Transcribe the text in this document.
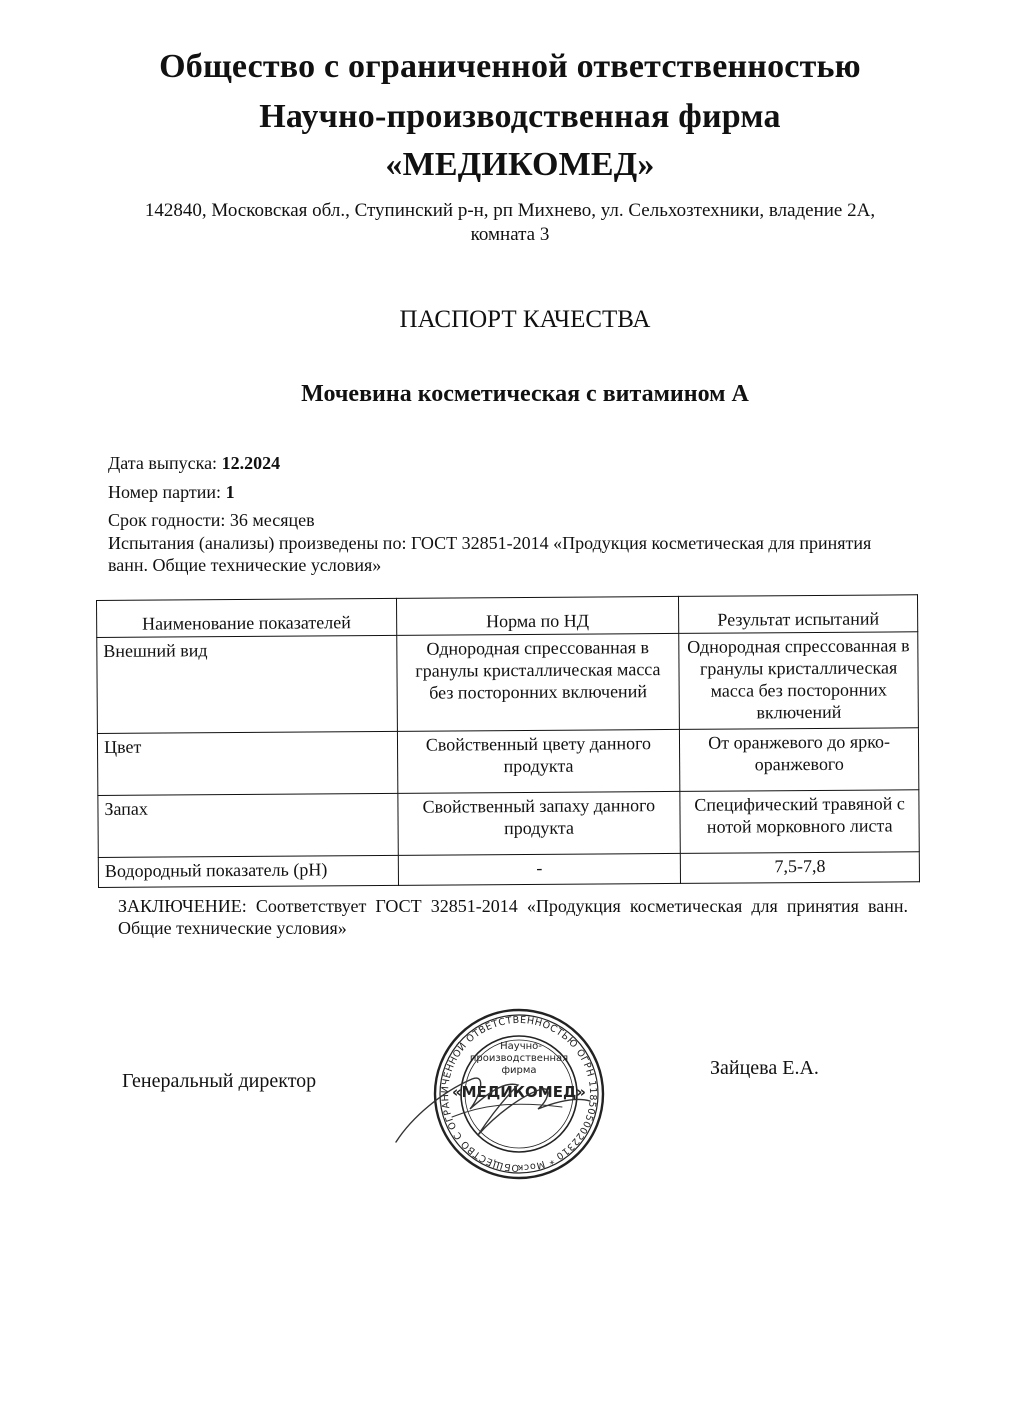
Общество с ограниченной ответственностью
Научно-производственная фирма
«МЕДИКОМЕД»
142840, Московская обл., Ступинский р-н, рп Михнево, ул. Сельхозтехники, владение 2А,
комната 3
ПАСПОРТ КАЧЕСТВА
Мочевина косметическая с витамином А
Дата выпуска: 12.2024
Номер партии: 1
Срок годности: 36 месяцев
Испытания (анализы) произведены по: ГОСТ 32851-2014 «Продукция косметическая для принятия ванн. Общие технические условия»
Наименование показателей	Норма по НД	Результат испытаний
Внешний вид	Однородная спрессованная в гранулы кристаллическая масса без посторонних включений	Однородная спрессованная в гранулы кристаллическая масса без посторонних включений
Цвет	Свойственный цвету данного продукта	От оранжевого до ярко-оранжевого
Запах	Свойственный запаху данного продукта	Специфический травяной с нотой морковного листа
Водородный показатель (pH)	-	7,5-7,8
ЗАКЛЮЧЕНИЕ: Соответствует ГОСТ 32851-2014 «Продукция косметическая для принятия ванн. Общие технические условия»
Генеральный директор
Зайцева Е.А.
ОБЩЕСТВО С ОГРАНИЧЕННОЙ ОТВЕТСТВЕННОСТЬЮ ОГРН 1185050022310 * Моск
Научно-
производственная
фирма
«МЕДИКОМЕД»
